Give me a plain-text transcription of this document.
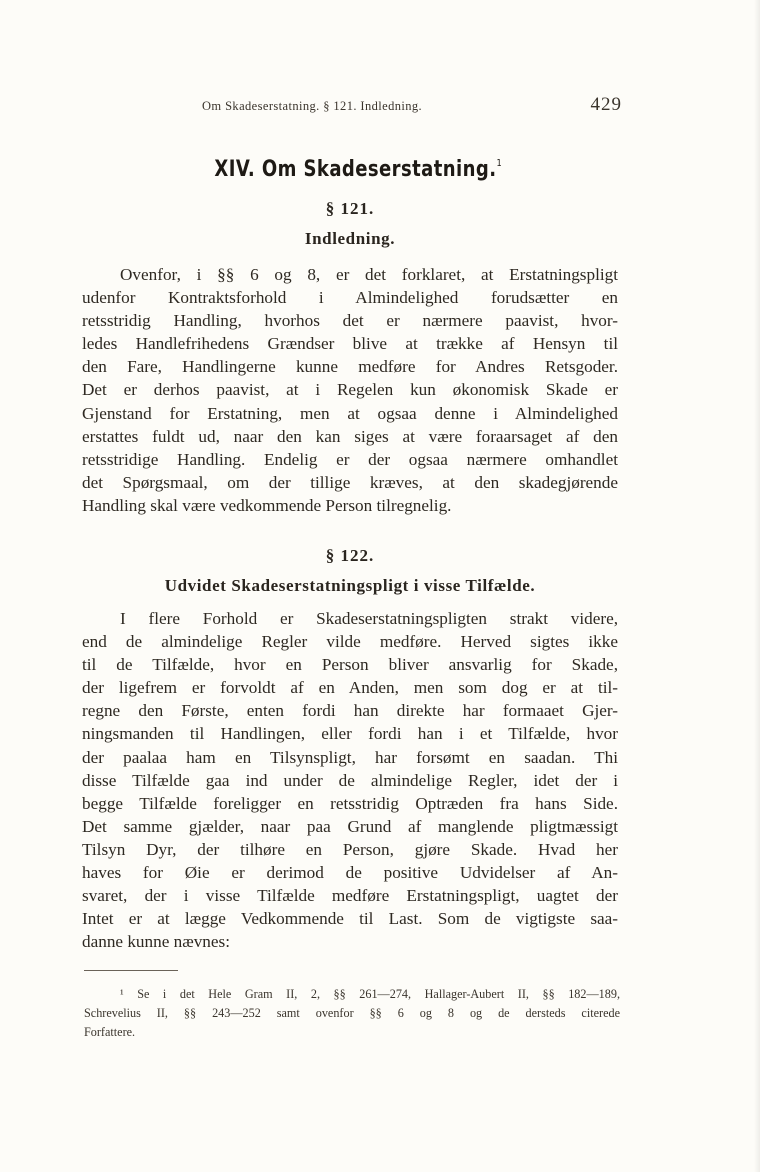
Om Skadeserstatning. § 121. Indledning.	429
XIV. Om Skadeserstatning.$^1$
§ 121.
Indledning.
Ovenfor, i §§ 6 og 8, er det forklaret, at Erstatningspligt
udenfor Kontraktsforhold i Almindelighed forudsætter en
retsstridig Handling, hvorhos det er nærmere paavist, hvor-
ledes Handlefrihedens Grændser blive at trække af Hensyn til
den Fare, Handlingerne kunne medføre for Andres Retsgoder.
Det er derhos paavist, at i Regelen kun økonomisk Skade er
Gjenstand for Erstatning, men at ogsaa denne i Almindelighed
erstattes fuldt ud, naar den kan siges at være foraarsaget af den
retsstridige Handling. Endelig er der ogsaa nærmere omhandlet
det Spørgsmaal, om der tillige kræves, at den skadegjørende
Handling skal være vedkommende Person tilregnelig.
§ 122.
Udvidet Skadeserstatningspligt i visse Tilfælde.
I flere Forhold er Skadeserstatningspligten strakt videre,
end de almindelige Regler vilde medføre. Herved sigtes ikke
til de Tilfælde, hvor en Person bliver ansvarlig for Skade,
der ligefrem er forvoldt af en Anden, men som dog er at til-
regne den Første, enten fordi han direkte har formaaet Gjer-
ningsmanden til Handlingen, eller fordi han i et Tilfælde, hvor
der paalaa ham en Tilsynspligt, har forsømt en saadan. Thi
disse Tilfælde gaa ind under de almindelige Regler, idet der i
begge Tilfælde foreligger en retsstridig Optræden fra hans Side.
Det samme gjælder, naar paa Grund af manglende pligtmæssigt
Tilsyn Dyr, der tilhøre en Person, gjøre Skade. Hvad her
haves for Øie er derimod de positive Udvidelser af An-
svaret, der i visse Tilfælde medføre Erstatningspligt, uagtet der
Intet er at lægge Vedkommende til Last. Som de vigtigste saa-
danne kunne nævnes:
¹ Se i det Hele Gram II, 2, §§ 261—274, Hallager-Aubert II, §§ 182—189,
Schrevelius II, §§ 243—252 samt ovenfor §§ 6 og 8 og de dersteds citerede
Forfattere.
